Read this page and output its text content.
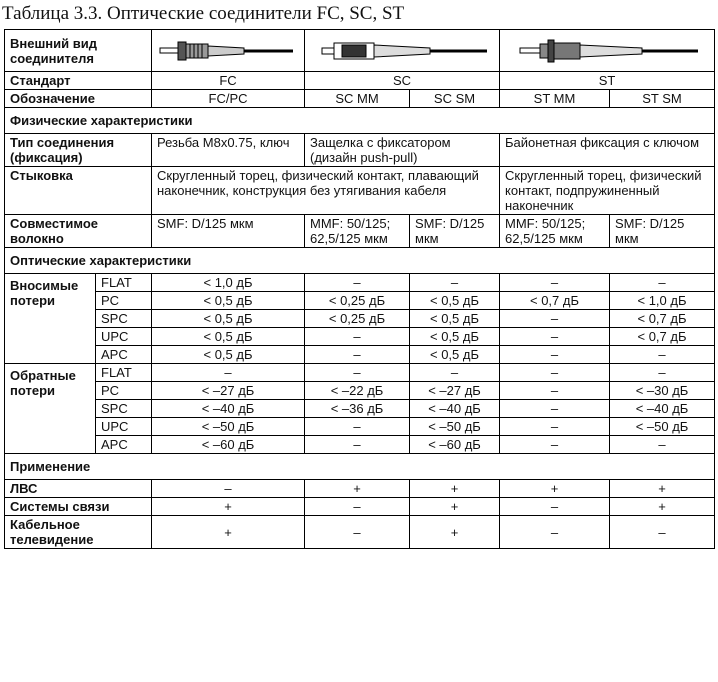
Таблица 3.3. Оптические соединители FC, SC, ST
Внешний вид соединителя	

Стандарт		FC	SC		ST	
Обозначение		FC/PC	SC MM	SC SM	ST MM	ST SM
Физические характеристики						
Тип соединения (фиксация)		Резьба M8x0.75, ключ	Защелка с фиксатором (дизайн push-pull)		Байонетная фиксация с ключом	
Стыковка		Скругленный торец, физический контакт, плавающий наконечник, конструкция без утягивания кабеля			Скругленный торец, физический контакт, подпружиненный наконечник	
Совместимое волокно		SMF: D/125 мкм	MMF: 50/125; 62,5/125 мкм	SMF: D/125 мкм	MMF: 50/125; 62,5/125 мкм	SMF: D/125 мкм
Оптические характеристики						
Вносимые потери	FLAT	< 1,0 дБ	–	–	–	–
	PC	< 0,5 дБ	< 0,25 дБ	< 0,5 дБ	< 0,7 дБ	< 1,0 дБ
	SPC	< 0,5 дБ	< 0,25 дБ	< 0,5 дБ	–	< 0,7 дБ
	UPC	< 0,5 дБ	–	< 0,5 дБ	–	< 0,7 дБ
	APC	< 0,5 дБ	–	< 0,5 дБ	–	–
Обратные потери	FLAT	–	–	–	–	–
	PC	< –27 дБ	< –22 дБ	< –27 дБ	–	< –30 дБ
	SPC	< –40 дБ	< –36 дБ	< –40 дБ	–	< –40 дБ
	UPC	< –50 дБ	–	< –50 дБ	–	< –50 дБ
	APC	< –60 дБ	–	< –60 дБ	–	–
Применение						
ЛВС		–	+	+	+	+
Системы связи		+	–	+	–	+
Кабельное телевидение		+	–	+	–	–
